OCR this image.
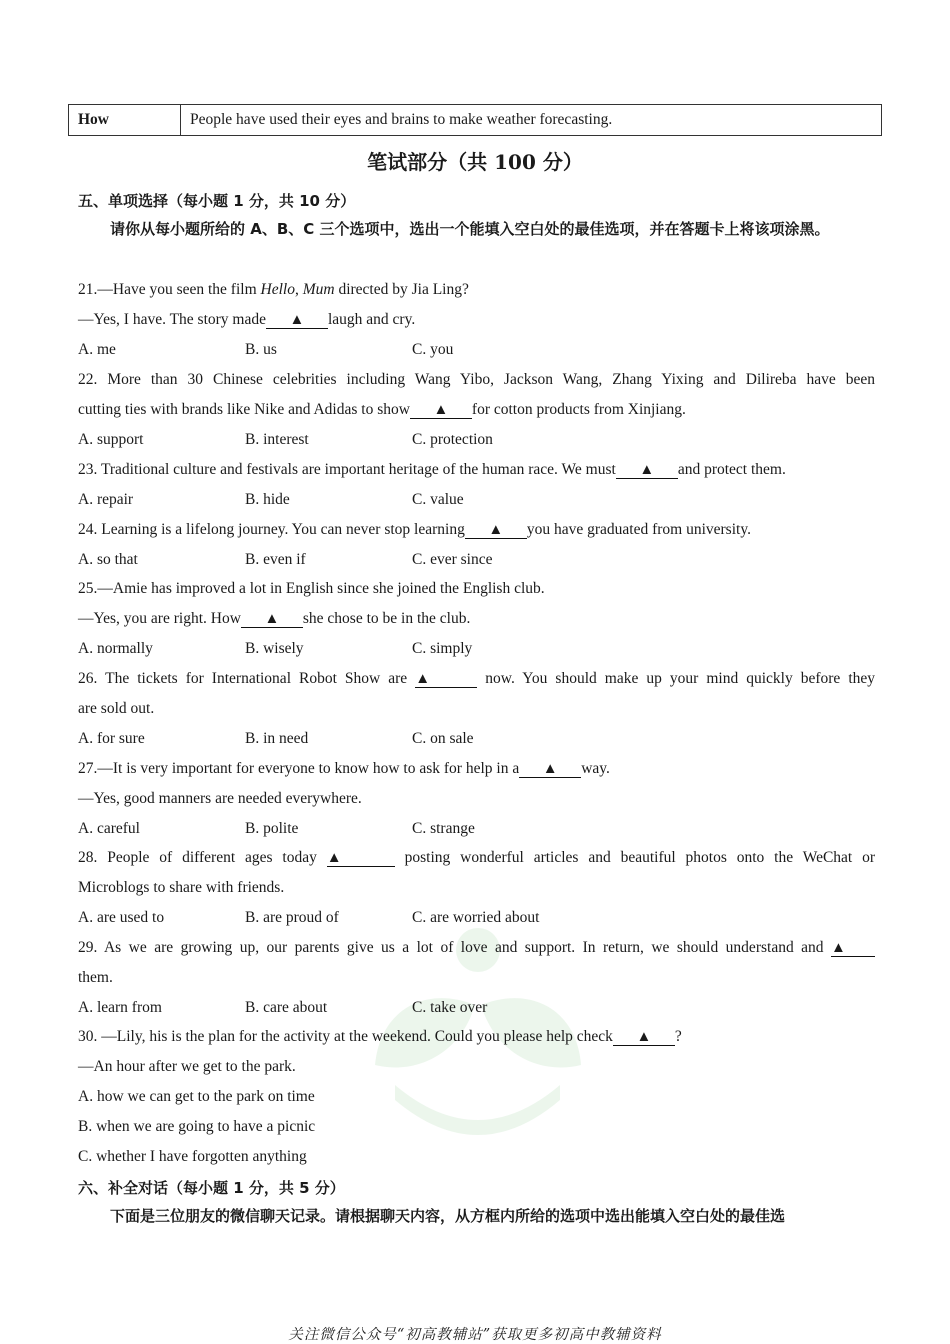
How	People have used their eyes and brains to make weather forecasting.
笔试部分（共 100 分）
五、单项选择（每小题 1 分，共 10 分）
请你从每小题所给的 A、B、C 三个选项中，选出一个能填入空白处的最佳选项，并在答题卡上将该项涂黑。
21.—Have you seen the film Hello, Mum directed by Jia Ling?
—Yes, I have. The story made ▲ laugh and cry.
A. me	B. us	C. you
22. More than 30 Chinese celebrities including Wang Yibo, Jackson Wang, Zhang Yixing and Dilireba have been
cutting ties with brands like Nike and Adidas to show ▲ for cotton products from Xinjiang.
A. support	B. interest	C. protection
23. Traditional culture and festivals are important heritage of the human race. We must ▲ and protect them.
A. repair	B. hide	C. value
24. Learning is a lifelong journey. You can never stop learning ▲ you have graduated from university.
A. so that	B. even if	C. ever since
25.—Amie has improved a lot in English since she joined the English club.
—Yes, you are right. How ▲ she chose to be in the club.
A. normally	B. wisely	C. simply
26. The tickets for International Robot Show are ▲	now. You should make up your mind quickly before they
are sold out.
A. for sure	B. in need	C. on sale
27.—It is very important for everyone to know how to ask for help in a ▲ way.
—Yes, good manners are needed everywhere.
A. careful	B. polite	C. strange
28. People of different ages today ▲	posting wonderful articles and beautiful photos onto the WeChat or
Microblogs to share with friends.
A. are used to	B. are proud of	C. are worried about
29. As we are growing up, our parents give us a lot of love and support. In return, we should understand and ▲
them.
A. learn from	B. care about	C. take over
30. —Lily, his is the plan for the activity at the weekend. Could you please help check ▲ ?
—An hour after we get to the park.
A. how we can get to the park on time
B. when we are going to have a picnic
C. whether I have forgotten anything
六、补全对话（每小题 1 分，共 5 分）
下面是三位朋友的微信聊天记录。请根据聊天内容，从方框内所给的选项中选出能填入空白处的最佳选
关注微信公众号“初高教辅站”获取更多初高中教辅资料
